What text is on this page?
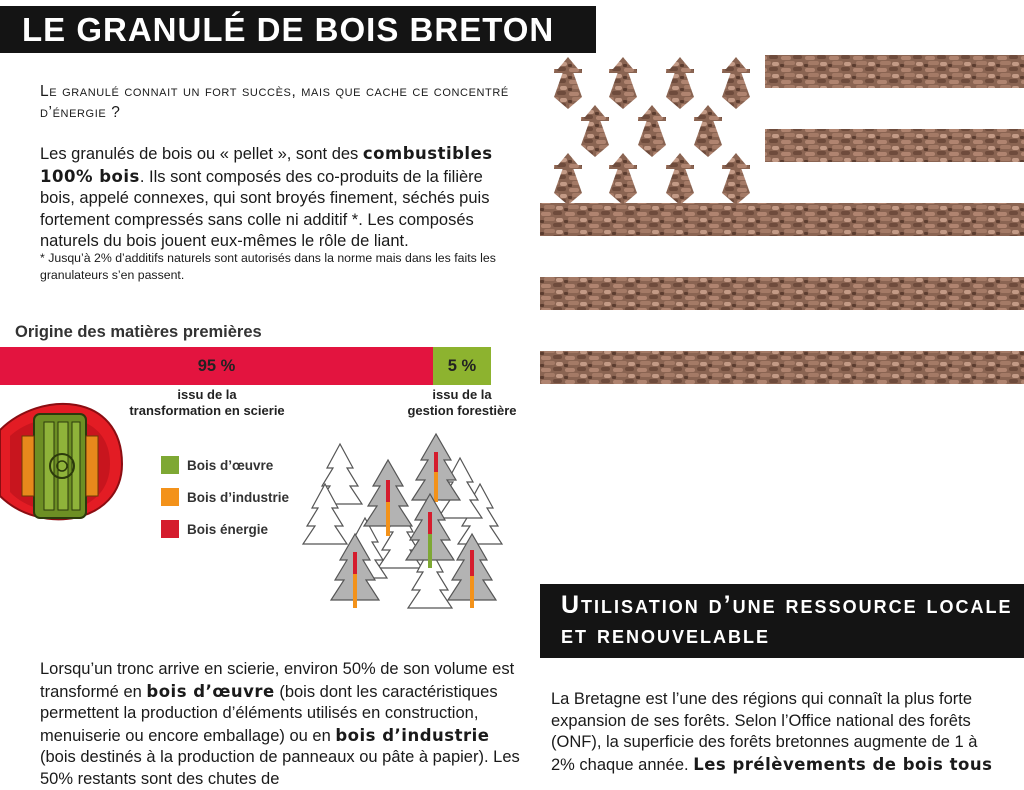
LE GRANULÉ DE BOIS BRETON
Le granulé connait un fort succès, mais que cache ce concentré d’énergie ?
Les granulés de bois ou « pellet », sont des combustibles 100% bois. Ils sont composés des co-produits de la filière bois, appelé connexes, qui sont broyés finement, séchés puis fortement compressés sans colle ni additif *. Les composés naturels du bois jouent eux-mêmes le rôle de liant.
* Jusqu’à 2% d’additifs naturels sont autorisés dans la norme mais dans les faits les granulateurs s’en passent.
Origine des matières premières
95 %	5 %
issu de la
transformation en scierie
issu de la
gestion forestière
Bois d’œuvre
Bois d’industrie
Bois énergie
Lorsqu’un tronc arrive en scierie, environ 50% de son volume est transformé en bois d’œuvre (bois dont les caractéristiques permettent la production d’éléments utilisés en construction, menuiserie ou encore emballage) ou en bois d’industrie (bois destinés à la production de panneaux ou pâte à papier). Les 50% restants sont des chutes de
Utilisation d’une ressource locale et renouvelable
La Bretagne est l’une des régions qui connaît la plus forte expansion de ses forêts. Selon l’Office national des forêts (ONF), la superficie des forêts bretonnes augmente de 1 à 2% chaque année. Les prélèvements de bois tous
